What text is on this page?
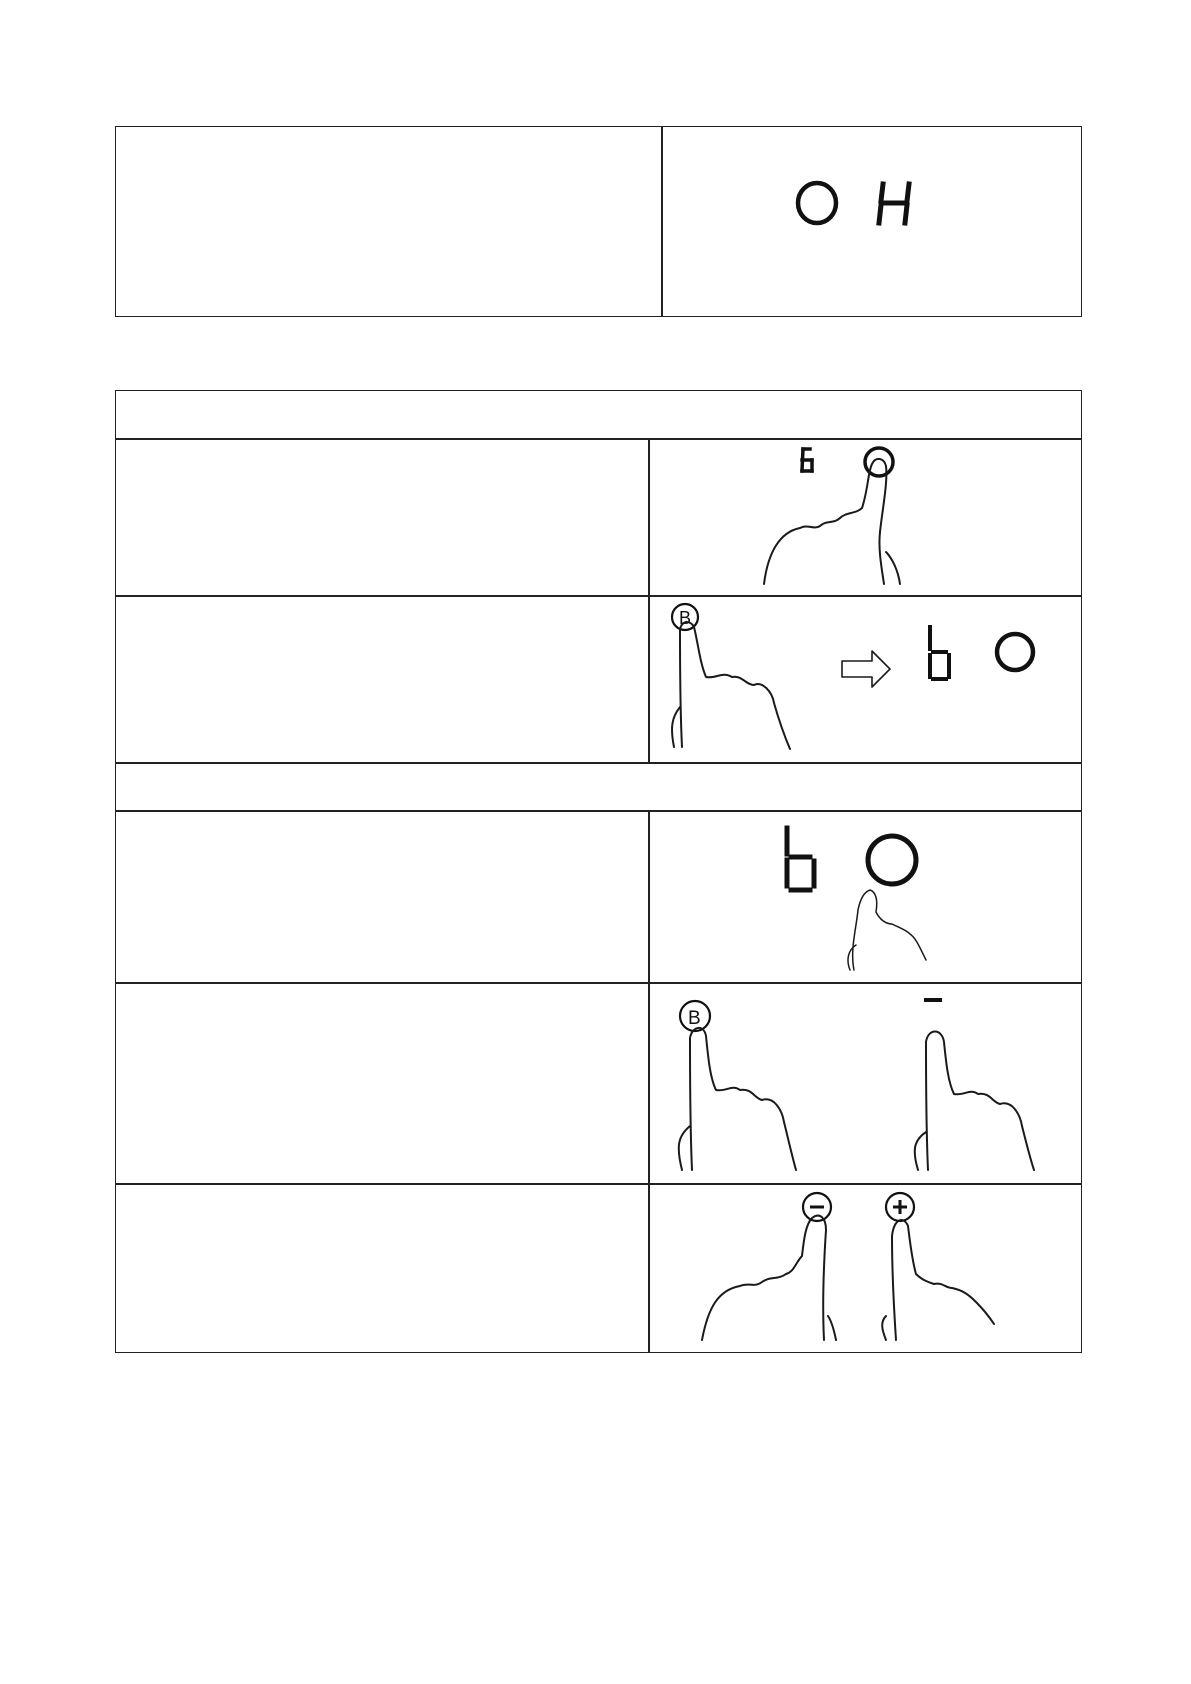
B
B
